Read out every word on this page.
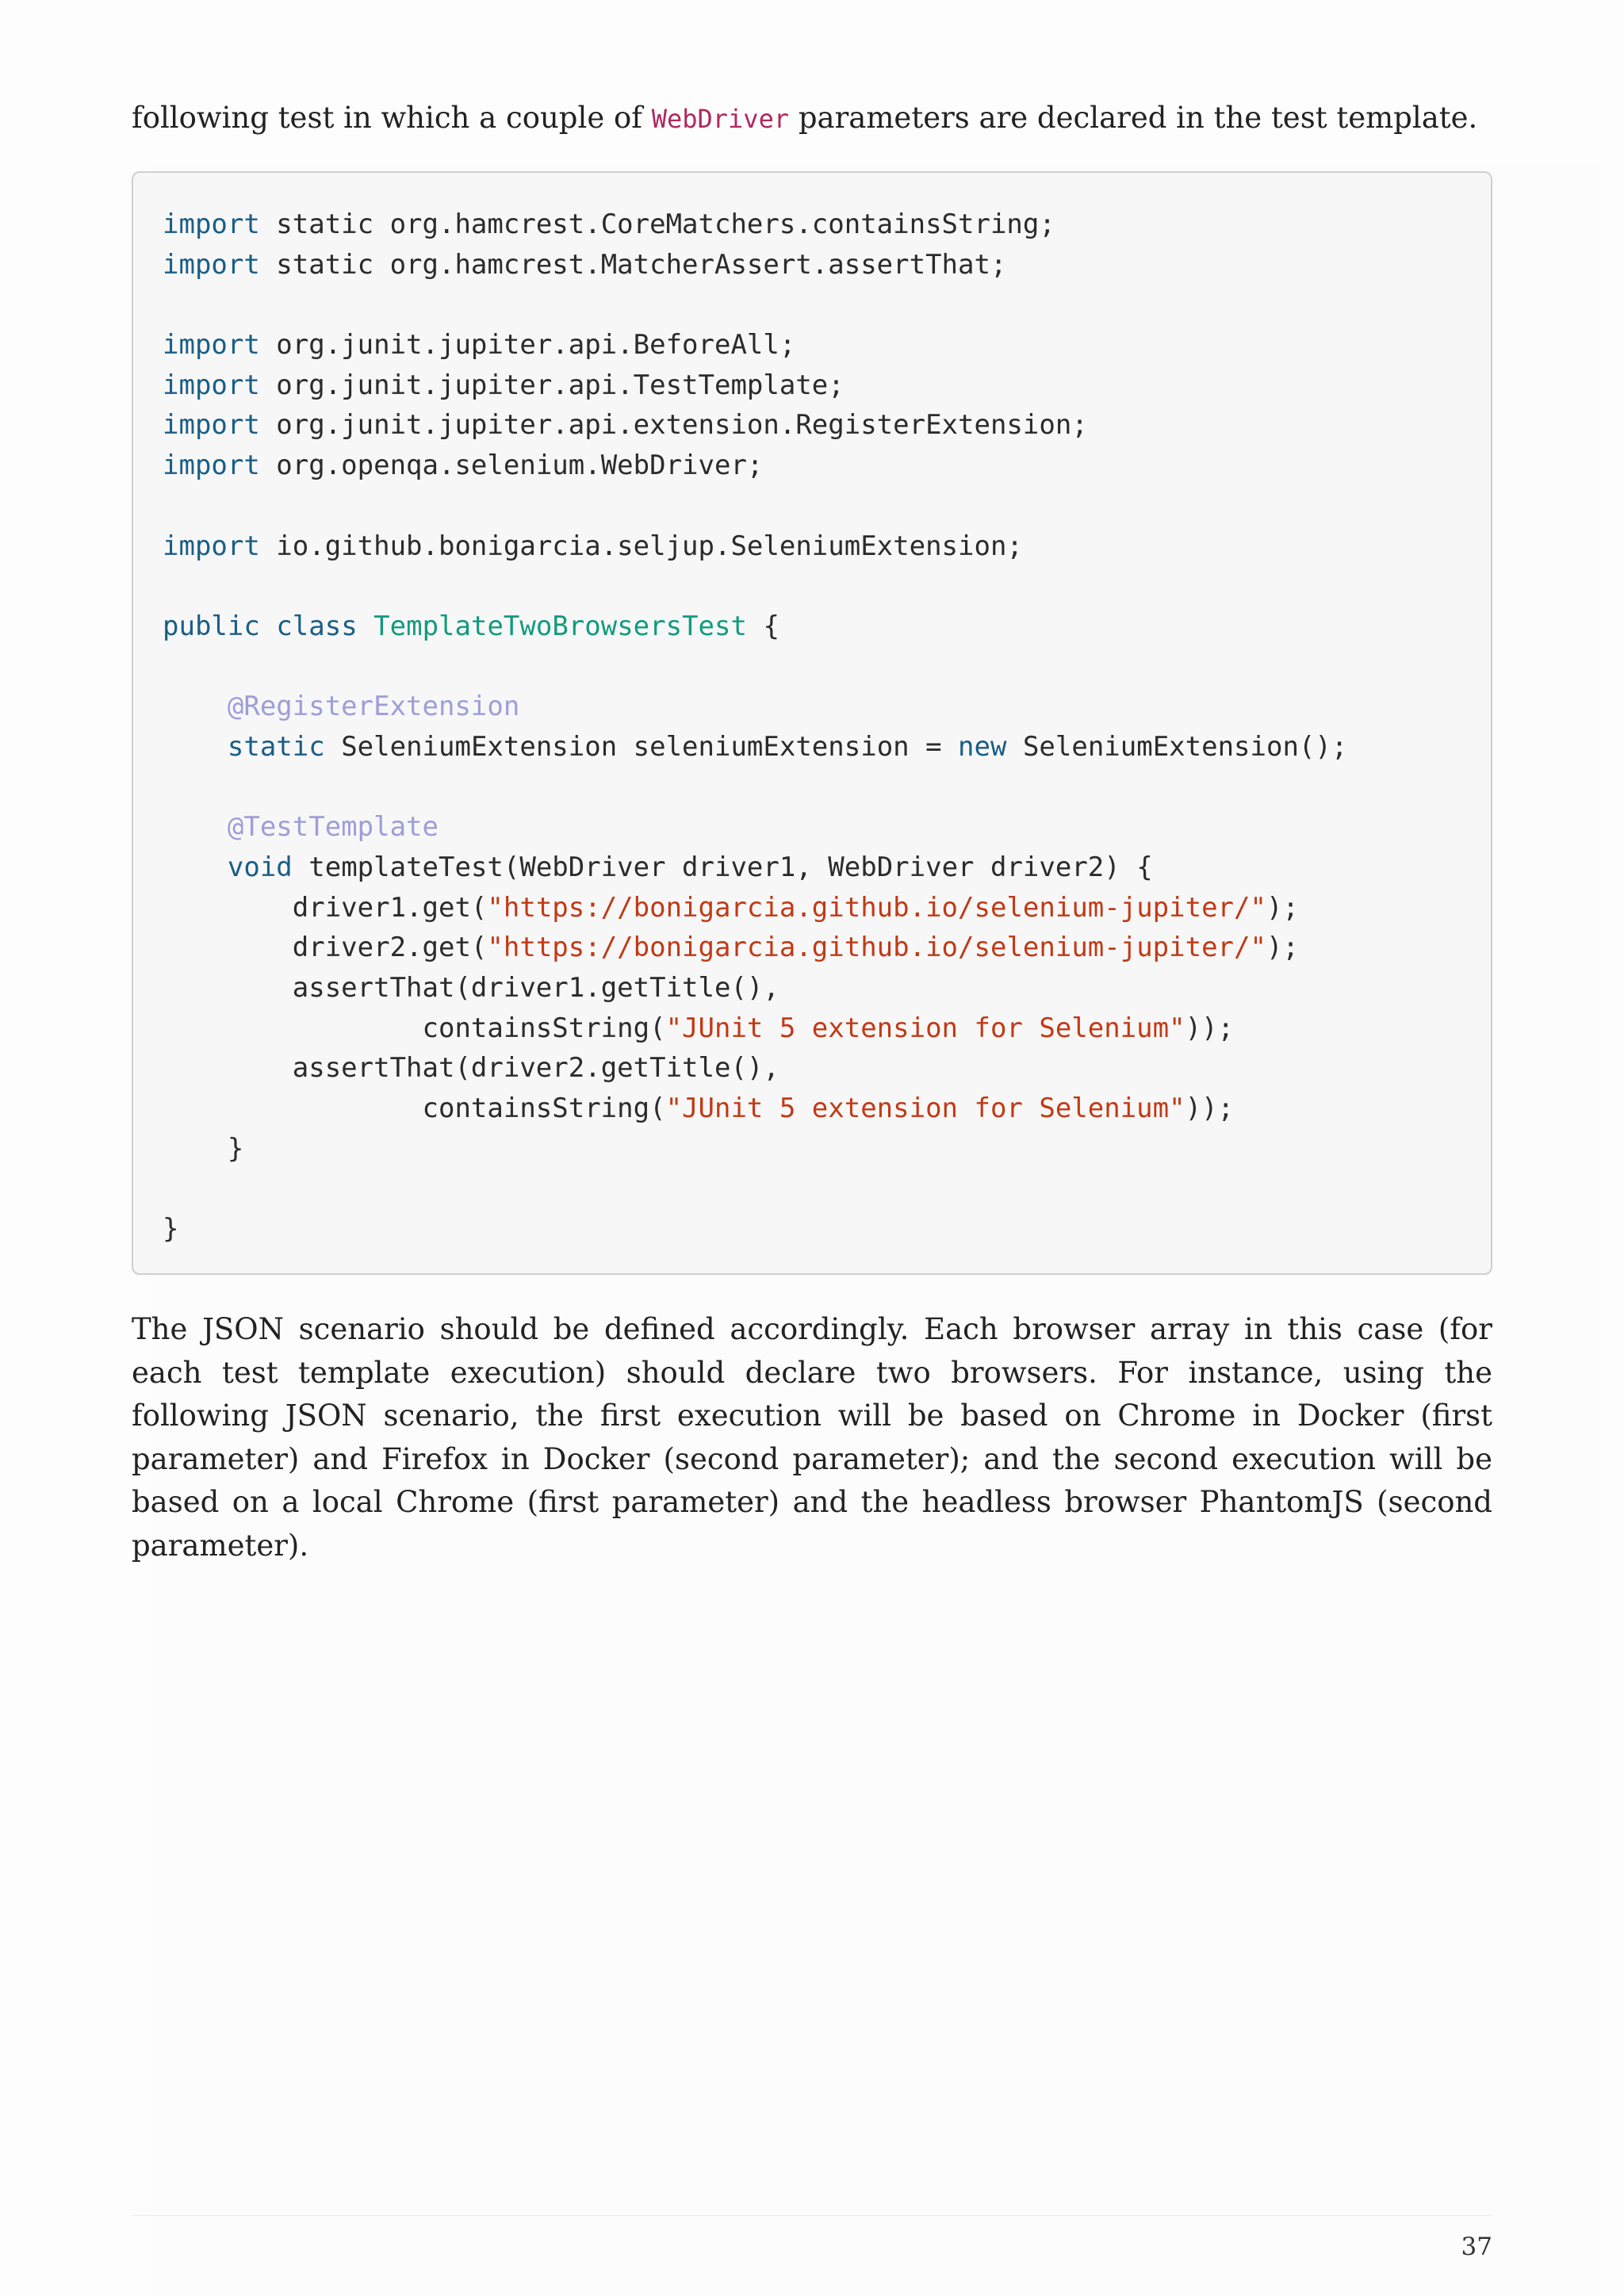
following test in which a couple of WebDriver parameters are declared in the test template.

import static org.hamcrest.CoreMatchers.containsString;
import static org.hamcrest.MatcherAssert.assertThat;
import org.junit.jupiter.api.BeforeAll;
import org.junit.jupiter.api.TestTemplate;
import org.junit.jupiter.api.extension.RegisterExtension;
import org.openqa.selenium.WebDriver;
import io.github.bonigarcia.seljup.SeleniumExtension;
public class TemplateTwoBrowsersTest {
@RegisterExtension
static SeleniumExtension seleniumExtension = new SeleniumExtension();
@TestTemplate
void templateTest(WebDriver driver1, WebDriver driver2) {
driver1.get("https://bonigarcia.github.io/selenium-jupiter/");
driver2.get("https://bonigarcia.github.io/selenium-jupiter/");
assertThat(driver1.getTitle(),
containsString("JUnit 5 extension for Selenium"));
assertThat(driver2.getTitle(),
containsString("JUnit 5 extension for Selenium"));
}
}

The JSON scenario should be defined accordingly. Each browser array in this case (for each test template execution) should declare two browsers. For instance, using the following JSON scenario, the first execution will be based on Chrome in Docker (first parameter) and Firefox in Docker (second parameter); and the second execution will be based on a local Chrome (first parameter) and the headless browser PhantomJS (second parameter).

37
